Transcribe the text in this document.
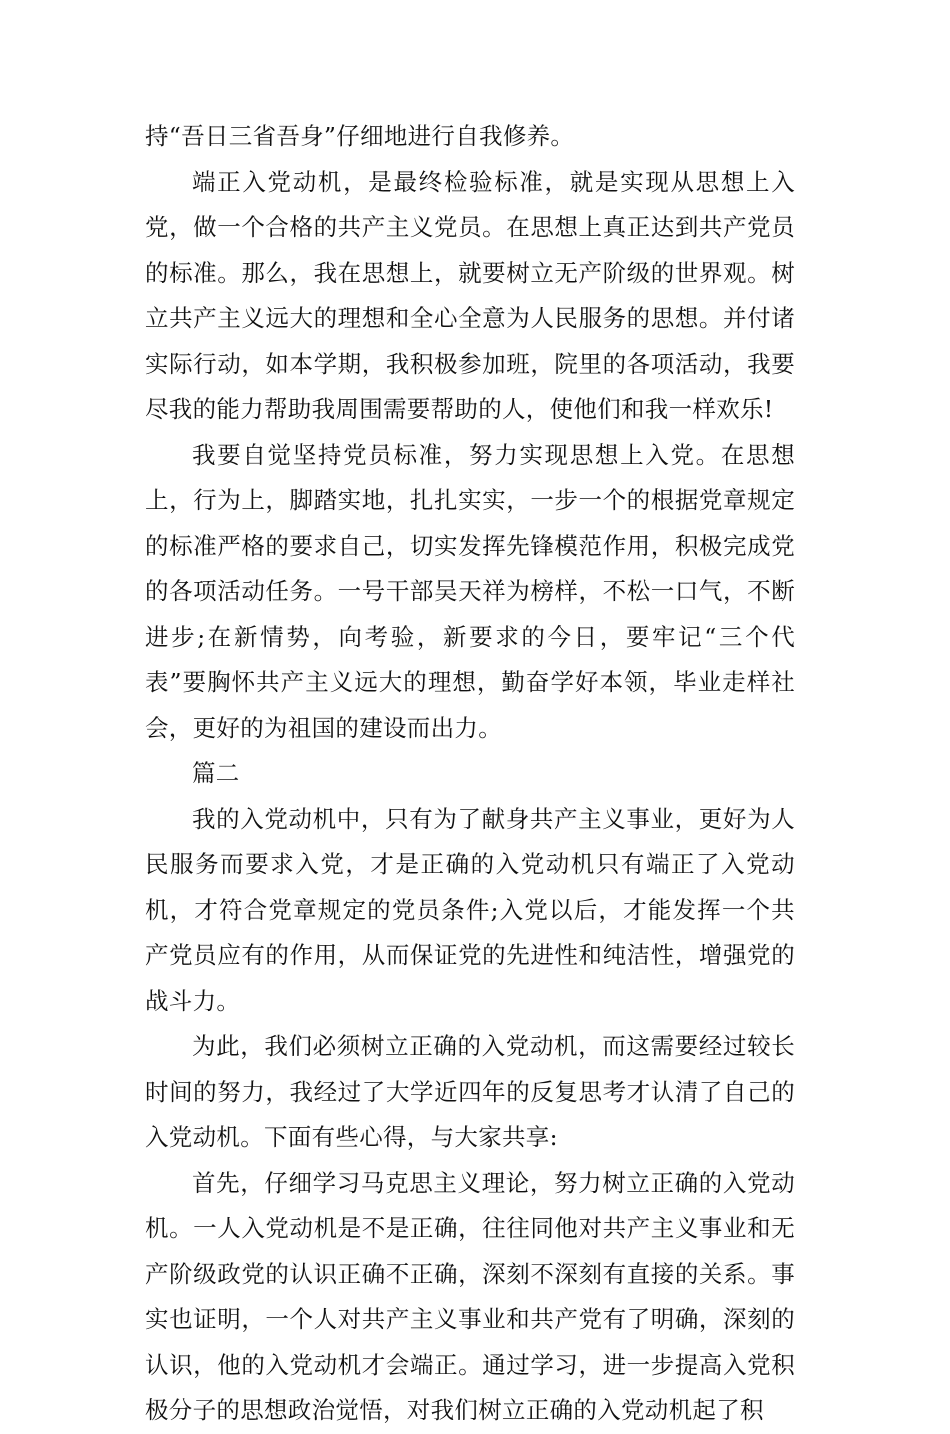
持“吾日三省吾身”仔细地进行自我修养。

端正入党动机，是最终检验标准，就是实现从思想上入党，做一个合格的共产主义党员。在思想上真正达到共产党员的标准。那么，我在思想上，就要树立无产阶级的世界观。树立共产主义远大的理想和全心全意为人民服务的思想。并付诸实际行动，如本学期，我积极参加班，院里的各项活动，我要尽我的能力帮助我周围需要帮助的人，使他们和我一样欢乐!

我要自觉坚持党员标准，努力实现思想上入党。在思想上，行为上，脚踏实地，扎扎实实，一步一个的根据党章规定的标准严格的要求自己，切实发挥先锋模范作用，积极完成党的各项活动任务。一号干部吴天祥为榜样，不松一口气，不断进步;在新情势，向考验，新要求的今日，要牢记“三个代表”要胸怀共产主义远大的理想，勤奋学好本领，毕业走样社会，更好的为祖国的建设而出力。

篇二

我的入党动机中，只有为了献身共产主义事业，更好为人民服务而要求入党，才是正确的入党动机只有端正了入党动机，才符合党章规定的党员条件;入党以后，才能发挥一个共产党员应有的作用，从而保证党的先进性和纯洁性，增强党的战斗力。

为此，我们必须树立正确的入党动机，而这需要经过较长时间的努力，我经过了大学近四年的反复思考才认清了自己的入党动机。下面有些心得，与大家共享:

首先，仔细学习马克思主义理论，努力树立正确的入党动机。一人入党动机是不是正确，往往同他对共产主义事业和无产阶级政党的认识正确不正确，深刻不深刻有直接的关系。事实也证明，一个人对共产主义事业和共产党有了明确，深刻的认识，他的入党动机才会端正。通过学习，进一步提高入党积极分子的思想政治觉悟，对我们树立正确的入党动机起了积
